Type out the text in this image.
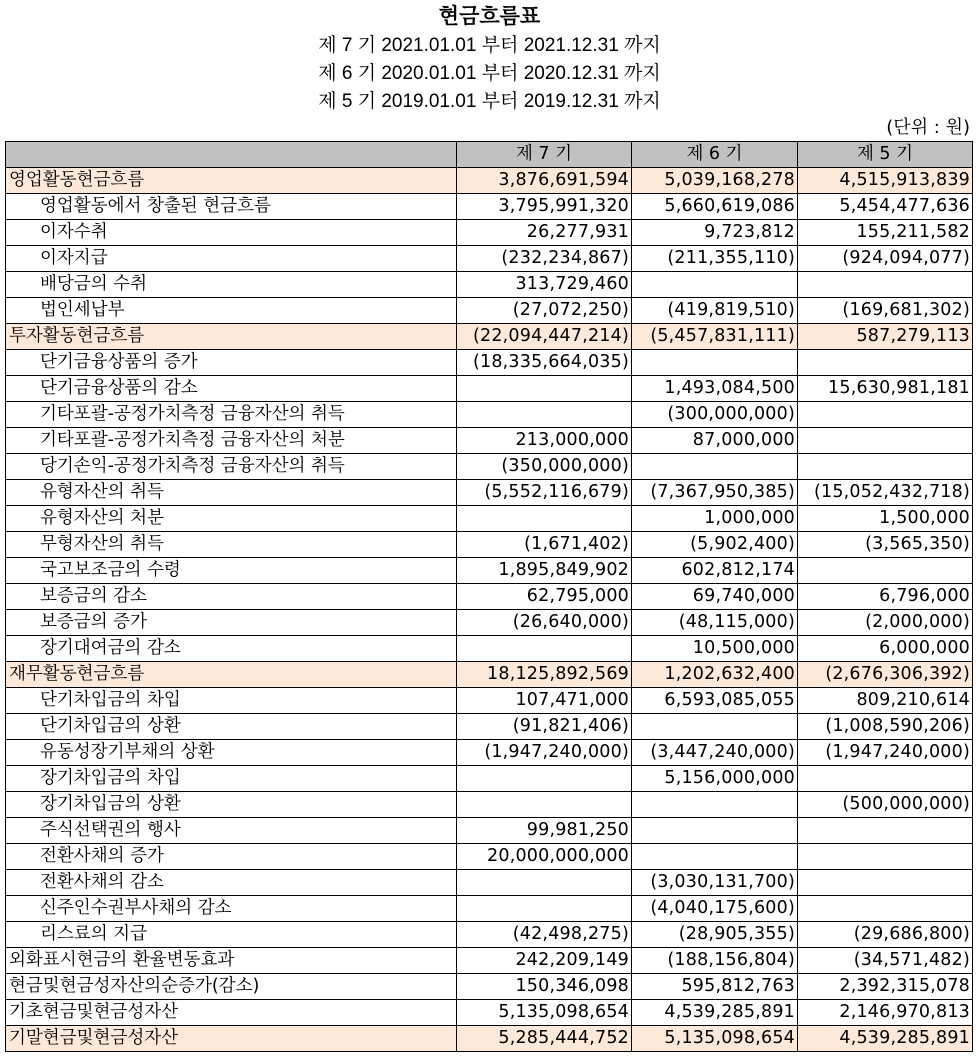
현금흐름표
제 7 기 2021.01.01 부터 2021.12.31 까지
제 6 기 2020.01.01 부터 2020.12.31 까지
제 5 기 2019.01.01 부터 2019.12.31 까지
(단위 : 원)
	제 7 기	제 6 기	제 5 기
영업활동현금흐름	3,876,691,594	5,039,168,278	4,515,913,839
영업활동에서 창출된 현금흐름	3,795,991,320	5,660,619,086	5,454,477,636
이자수취	26,277,931	9,723,812	155,211,582
이자지급	(232,234,867)	(211,355,110)	(924,094,077)
배당금의 수취	313,729,460		
법인세납부	(27,072,250)	(419,819,510)	(169,681,302)
투자활동현금흐름	(22,094,447,214)	(5,457,831,111)	587,279,113
단기금융상품의 증가	(18,335,664,035)		
단기금융상품의 감소		1,493,084,500	15,630,981,181
기타포괄-공정가치측정 금융자산의 취득		(300,000,000)	
기타포괄-공정가치측정 금융자산의 처분	213,000,000	87,000,000	
당기손익-공정가치측정 금융자산의 취득	(350,000,000)		
유형자산의 취득	(5,552,116,679)	(7,367,950,385)	(15,052,432,718)
유형자산의 처분		1,000,000	1,500,000
무형자산의 취득	(1,671,402)	(5,902,400)	(3,565,350)
국고보조금의 수령	1,895,849,902	602,812,174	
보증금의 감소	62,795,000	69,740,000	6,796,000
보증금의 증가	(26,640,000)	(48,115,000)	(2,000,000)
장기대여금의 감소		10,500,000	6,000,000
재무활동현금흐름	18,125,892,569	1,202,632,400	(2,676,306,392)
단기차입금의 차입	107,471,000	6,593,085,055	809,210,614
단기차입금의 상환	(91,821,406)		(1,008,590,206)
유동성장기부채의 상환	(1,947,240,000)	(3,447,240,000)	(1,947,240,000)
장기차입금의 차입		5,156,000,000	
장기차입금의 상환			(500,000,000)
주식선택권의 행사	99,981,250		
전환사채의 증가	20,000,000,000		
전환사채의 감소		(3,030,131,700)	
신주인수권부사채의 감소		(4,040,175,600)	
리스료의 지급	(42,498,275)	(28,905,355)	(29,686,800)
외화표시현금의 환율변동효과	242,209,149	(188,156,804)	(34,571,482)
현금및현금성자산의순증가(감소)	150,346,098	595,812,763	2,392,315,078
기초현금및현금성자산	5,135,098,654	4,539,285,891	2,146,970,813
기말현금및현금성자산	5,285,444,752	5,135,098,654	4,539,285,891
